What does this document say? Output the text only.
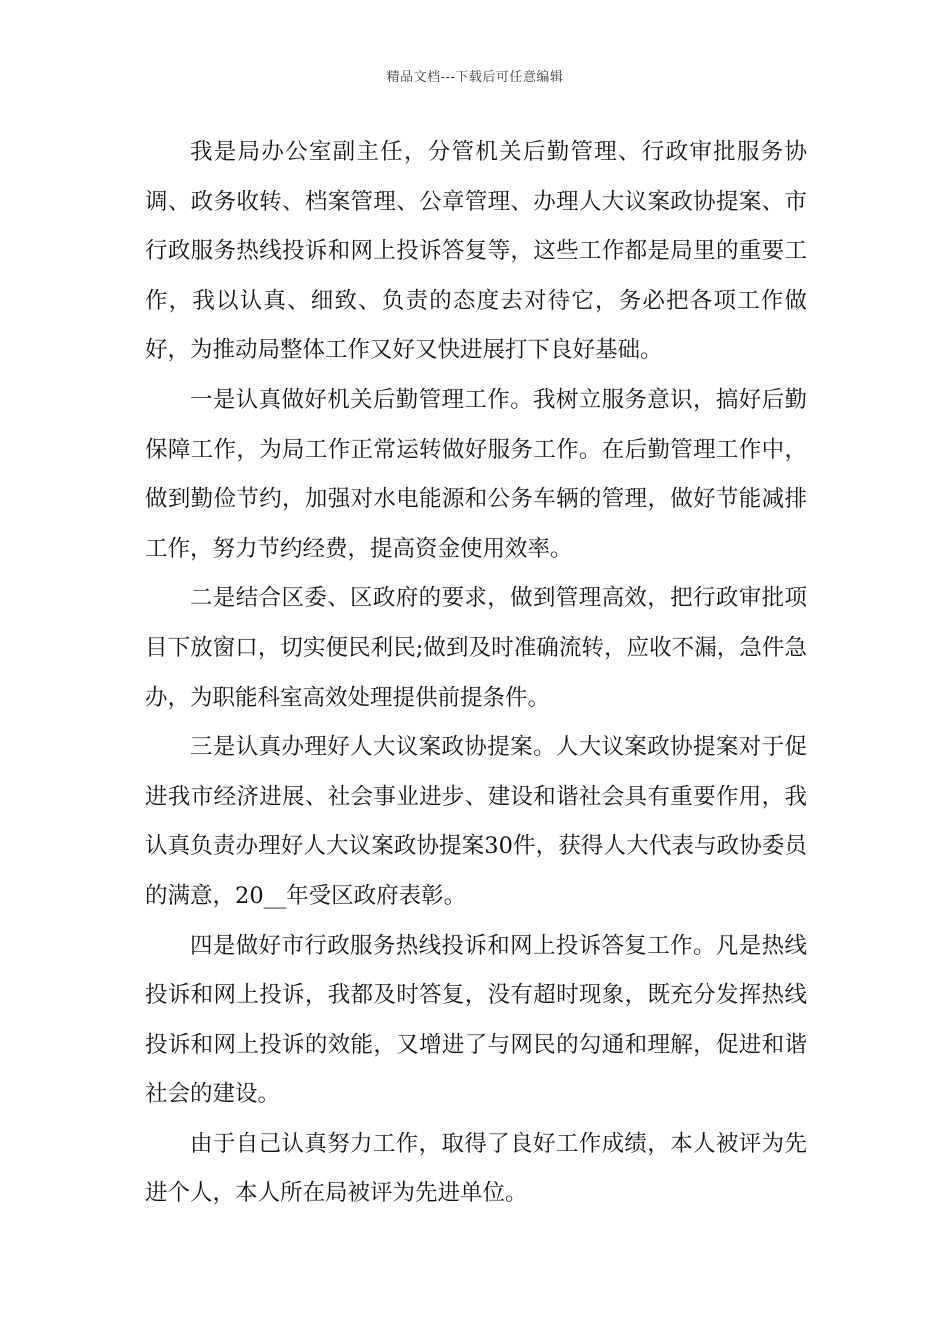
精品文档---下载后可任意编辑

我是局办公室副主任，分管机关后勤管理、行政审批服务协调、政务收转、档案管理、公章管理、办理人大议案政协提案、市行政服务热线投诉和网上投诉答复等，这些工作都是局里的重要工作，我以认真、细致、负责的态度去对待它，务必把各项工作做好，为推动局整体工作又好又快进展打下良好基础。

一是认真做好机关后勤管理工作。我树立服务意识，搞好后勤保障工作，为局工作正常运转做好服务工作。在后勤管理工作中，做到勤俭节约，加强对水电能源和公务车辆的管理，做好节能减排工作，努力节约经费，提高资金使用效率。

二是结合区委、区政府的要求，做到管理高效，把行政审批项目下放窗口，切实便民利民;做到及时准确流转，应收不漏，急件急办，为职能科室高效处理提供前提条件。

三是认真办理好人大议案政协提案。人大议案政协提案对于促进我市经济进展、社会事业进步、建设和谐社会具有重要作用，我认真负责办理好人大议案政协提案30件，获得人大代表与政协委员的满意，20__年受区政府表彰。

四是做好市行政服务热线投诉和网上投诉答复工作。凡是热线投诉和网上投诉，我都及时答复，没有超时现象，既充分发挥热线投诉和网上投诉的效能，又增进了与网民的勾通和理解，促进和谐社会的建设。

由于自己认真努力工作，取得了良好工作成绩，本人被评为先进个人，本人所在局被评为先进单位。
